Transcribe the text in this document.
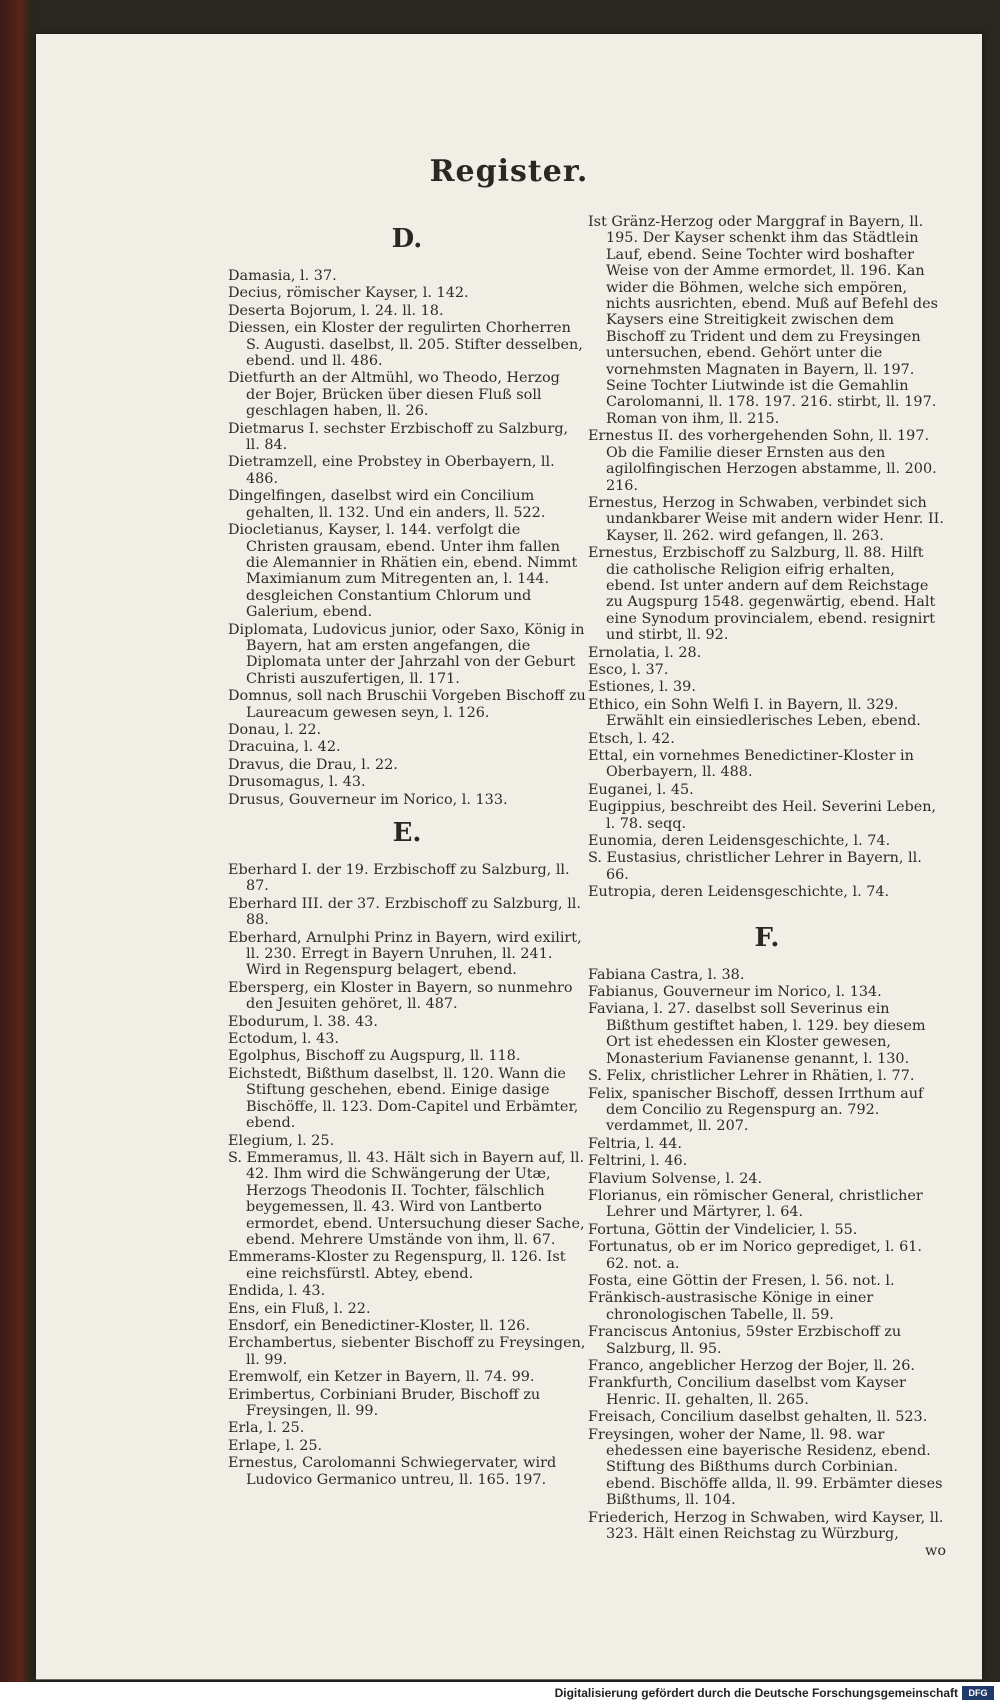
Register.
D.
Damasia, l. 37.
Decius, römischer Kayser, l. 142.
Deserta Bojorum, l. 24. ll. 18.
Diessen, ein Kloster der regulirten Chorherren S. Augusti. daselbst, ll. 205. Stifter desselben, ebend. und ll. 486.
Dietfurth an der Altmühl, wo Theodo, Herzog der Bojer, Brücken über diesen Fluß soll geschlagen haben, ll. 26.
Dietmarus I. sechster Erzbischoff zu Salzburg, ll. 84.
Dietramzell, eine Probstey in Oberbayern, ll. 486.
Dingelfingen, daselbst wird ein Concilium gehalten, ll. 132. Und ein anders, ll. 522.
Diocletianus, Kayser, l. 144. verfolgt die Christen grausam, ebend. Unter ihm fallen die Alemannier in Rhätien ein, ebend. Nimmt Maximianum zum Mitregenten an, l. 144. desgleichen Constantium Chlorum und Galerium, ebend.
Diplomata, Ludovicus junior, oder Saxo, König in Bayern, hat am ersten angefangen, die Diplomata unter der Jahrzahl von der Geburt Christi auszufertigen, ll. 171.
Domnus, soll nach Bruschii Vorgeben Bischoff zu Laureacum gewesen seyn, l. 126.
Donau, l. 22.
Dracuina, l. 42.
Dravus, die Drau, l. 22.
Drusomagus, l. 43.
Drusus, Gouverneur im Norico, l. 133.
E.
Eberhard I. der 19. Erzbischoff zu Salzburg, ll. 87.
Eberhard III. der 37. Erzbischoff zu Salzburg, ll. 88.
Eberhard, Arnulphi Prinz in Bayern, wird exilirt, ll. 230. Erregt in Bayern Unruhen, ll. 241. Wird in Regenspurg belagert, ebend.
Ebersperg, ein Kloster in Bayern, so nunmehro den Jesuiten gehöret, ll. 487.
Ebodurum, l. 38. 43.
Ectodum, l. 43.
Egolphus, Bischoff zu Augspurg, ll. 118.
Eichstedt, Bißthum daselbst, ll. 120. Wann die Stiftung geschehen, ebend. Einige dasige Bischöffe, ll. 123. Dom-Capitel und Erbämter, ebend.
Elegium, l. 25.
S. Emmeramus, ll. 43. Hält sich in Bayern auf, ll. 42. Ihm wird die Schwängerung der Utæ, Herzogs Theodonis II. Tochter, fälschlich beygemessen, ll. 43. Wird von Lantberto ermordet, ebend. Untersuchung dieser Sache, ebend. Mehrere Umstände von ihm, ll. 67.
Emmerams-Kloster zu Regenspurg, ll. 126. Ist eine reichsfürstl. Abtey, ebend.
Endida, l. 43.
Ens, ein Fluß, l. 22.
Ensdorf, ein Benedictiner-Kloster, ll. 126.
Erchambertus, siebenter Bischoff zu Freysingen, ll. 99.
Eremwolf, ein Ketzer in Bayern, ll. 74. 99.
Erimbertus, Corbiniani Bruder, Bischoff zu Freysingen, ll. 99.
Erla, l. 25.
Erlape, l. 25.
Ernestus, Carolomanni Schwiegervater, wird Ludovico Germanico untreu, ll. 165. 197.
Ist Gränz-Herzog oder Marggraf in Bayern, ll. 195. Der Kayser schenkt ihm das Städtlein Lauf, ebend. Seine Tochter wird boshafter Weise von der Amme ermordet, ll. 196. Kan wider die Böhmen, welche sich empören, nichts ausrichten, ebend. Muß auf Befehl des Kaysers eine Streitigkeit zwischen dem Bischoff zu Trident und dem zu Freysingen untersuchen, ebend. Gehört unter die vornehmsten Magnaten in Bayern, ll. 197. Seine Tochter Liutwinde ist die Gemahlin Carolomanni, ll. 178. 197. 216. stirbt, ll. 197. Roman von ihm, ll. 215.
Ernestus II. des vorhergehenden Sohn, ll. 197. Ob die Familie dieser Ernsten aus den agilolfingischen Herzogen abstamme, ll. 200. 216.
Ernestus, Herzog in Schwaben, verbindet sich undankbarer Weise mit andern wider Henr. II. Kayser, ll. 262. wird gefangen, ll. 263.
Ernestus, Erzbischoff zu Salzburg, ll. 88. Hilft die catholische Religion eifrig erhalten, ebend. Ist unter andern auf dem Reichstage zu Augspurg 1548. gegenwärtig, ebend. Halt eine Synodum provincialem, ebend. resignirt und stirbt, ll. 92.
Ernolatia, l. 28.
Esco, l. 37.
Estiones, l. 39.
Ethico, ein Sohn Welfi I. in Bayern, ll. 329. Erwählt ein einsiedlerisches Leben, ebend.
Etsch, l. 42.
Ettal, ein vornehmes Benedictiner-Kloster in Oberbayern, ll. 488.
Euganei, l. 45.
Eugippius, beschreibt des Heil. Severini Leben, l. 78. seqq.
Eunomia, deren Leidensgeschichte, l. 74.
S. Eustasius, christlicher Lehrer in Bayern, ll. 66.
Eutropia, deren Leidensgeschichte, l. 74.
F.
Fabiana Castra, l. 38.
Fabianus, Gouverneur im Norico, l. 134.
Faviana, l. 27. daselbst soll Severinus ein Bißthum gestiftet haben, l. 129. bey diesem Ort ist ehedessen ein Kloster gewesen, Monasterium Favianense genannt, l. 130.
S. Felix, christlicher Lehrer in Rhätien, l. 77.
Felix, spanischer Bischoff, dessen Irrthum auf dem Concilio zu Regenspurg an. 792. verdammet, ll. 207.
Feltria, l. 44.
Feltrini, l. 46.
Flavium Solvense, l. 24.
Florianus, ein römischer General, christlicher Lehrer und Märtyrer, l. 64.
Fortuna, Göttin der Vindelicier, l. 55.
Fortunatus, ob er im Norico geprediget, l. 61. 62. not. a.
Fosta, eine Göttin der Fresen, l. 56. not. l.
Fränkisch-austrasische Könige in einer chronologischen Tabelle, ll. 59.
Franciscus Antonius, 59ster Erzbischoff zu Salzburg, ll. 95.
Franco, angeblicher Herzog der Bojer, ll. 26.
Frankfurth, Concilium daselbst vom Kayser Henric. II. gehalten, ll. 265.
Freisach, Concilium daselbst gehalten, ll. 523.
Freysingen, woher der Name, ll. 98. war ehedessen eine bayerische Residenz, ebend. Stiftung des Bißthums durch Corbinian. ebend. Bischöffe allda, ll. 99. Erbämter dieses Bißthums, ll. 104.
Friederich, Herzog in Schwaben, wird Kayser, ll. 323. Hält einen Reichstag zu Würzburg,
wo
Digitalisierung gefördert durch die Deutsche Forschungsgemeinschaft	DFG
